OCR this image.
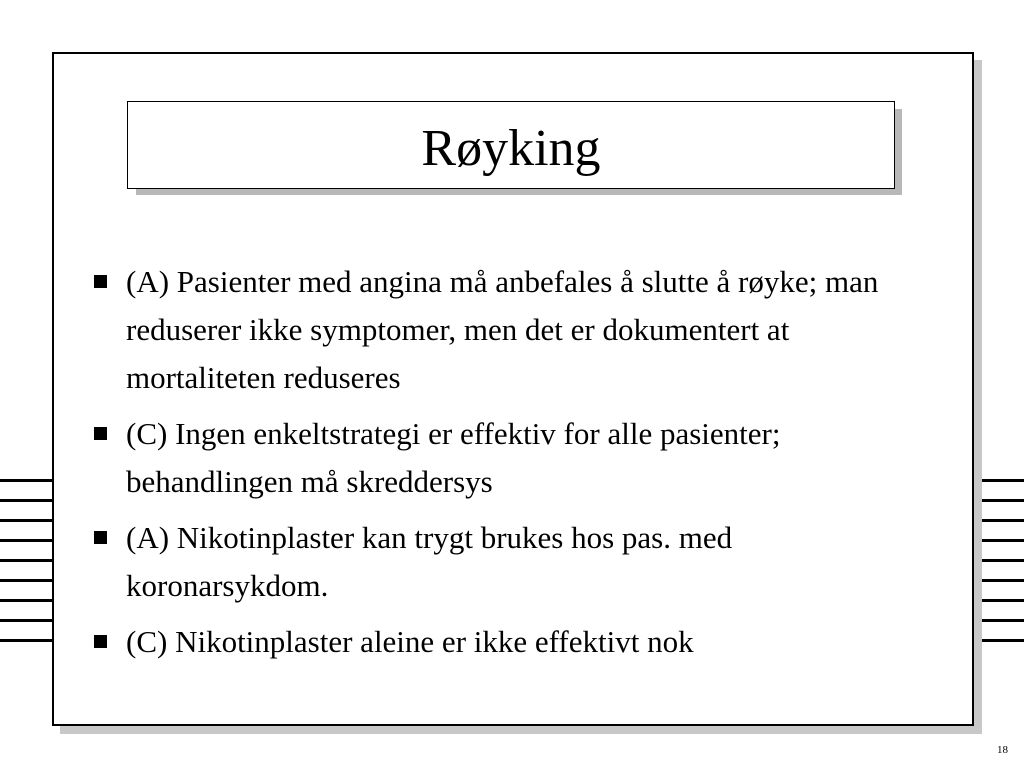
Røyking
(A) Pasienter med angina må anbefales å slutte å røyke; man reduserer ikke symptomer, men det er dokumentert at mortaliteten reduseres
(C) Ingen enkeltstrategi er effektiv for alle pasienter; behandlingen må skreddersys
(A) Nikotinplaster kan trygt brukes hos pas. med koronarsykdom.
(C) Nikotinplaster aleine er ikke effektivt nok
18
